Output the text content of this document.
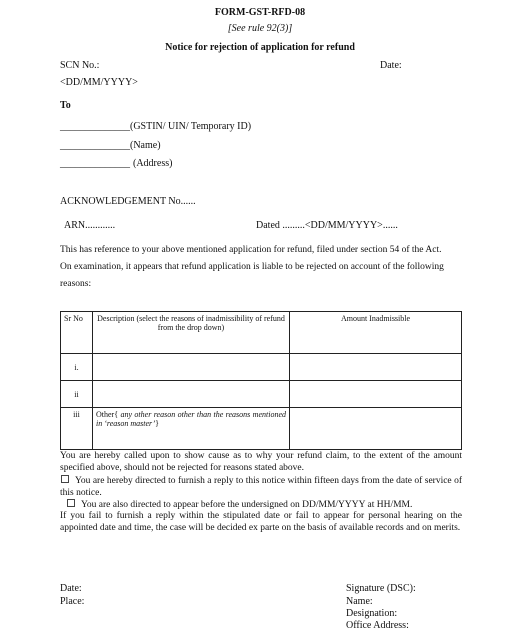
FORM-GST-RFD-08
[See rule 92(3)]
Notice for rejection of application for refund
SCN No.:	Date:
<DD/MM/YYYY>
To
______________(GSTIN/ UIN/ Temporary ID)
______________(Name)
______________ (Address)
ACKNOWLEDGEMENT No......
ARN............	Dated .........<DD/MM/YYYY>......
This has reference to your above mentioned application for refund, filed under section 54 of the Act.
On examination, it appears that refund application is liable to be rejected on account of the following
reasons:
Sr No	Description (select the reasons of inadmissibility of refund from the drop down)	Amount Inadmissible
i.		
ii		
iii	Other{ any other reason other than the reasons mentioned in ‘reason master’}	
You are hereby called upon to show cause as to why your refund claim, to the extent of the amount specified above, should not be rejected for reasons stated above.
You are hereby directed to furnish a reply to this notice within fifteen days from the date of service of this notice.
You are also directed to appear before the undersigned on DD/MM/YYYY at HH/MM.
If you fail to furnish a reply within the stipulated date or fail to appear for personal hearing on the appointed date and time, the case will be decided ex parte on the basis of available records and on merits.
Date:
Place:
Signature (DSC):
Name:
Designation:
Office Address:
